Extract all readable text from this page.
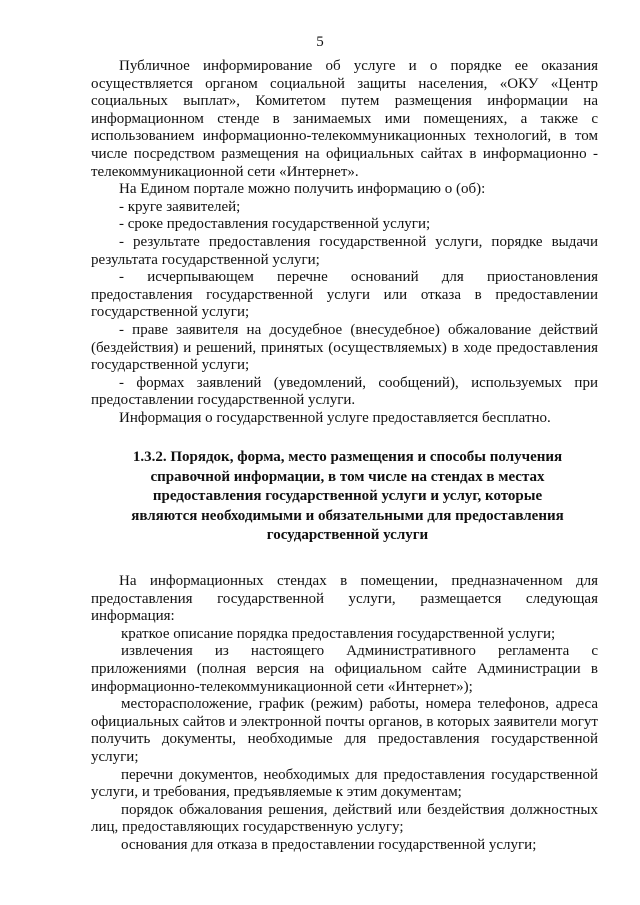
5

Публичное информирование об услуге и о порядке ее оказания осуществляется органом социальной защиты населения, «ОКУ «Центр социальных выплат», Комитетом путем размещения информации на информационном стенде в занимаемых ими помещениях, а также с использованием информационно-телекоммуникационных технологий, в том числе посредством размещения на официальных сайтах в информационно - телекоммуникационной сети «Интернет».

На Едином портале можно получить информацию о (об):

- круге заявителей;

- сроке предоставления государственной услуги;

- результате предоставления государственной услуги, порядке выдачи результата государственной услуги;

- исчерпывающем перечне оснований для приостановления предоставления государственной услуги или отказа в предоставлении государственной услуги;

- праве заявителя на досудебное (внесудебное) обжалование действий (бездействия) и решений, принятых (осуществляемых) в ходе предоставления государственной услуги;

- формах заявлений (уведомлений, сообщений), используемых при предоставлении государственной услуги.

Информация о государственной услуге предоставляется бесплатно.

1.3.2. Порядок, форма, место размещения и способы получения справочной информации, в том числе на стендах в местах предоставления государственной услуги и услуг, которые являются необходимыми и обязательными для предоставления государственной услуги

На информационных стендах в помещении, предназначенном для предоставления государственной услуги, размещается следующая информация:

краткое описание порядка предоставления государственной услуги;

извлечения из настоящего Административного регламента с приложениями (полная версия на официальном сайте Администрации в информационно-телекоммуникационной сети «Интернет»);

месторасположение, график (режим) работы, номера телефонов, адреса официальных сайтов и электронной почты органов, в которых заявители могут получить документы, необходимые для предоставления государственной услуги;

перечни документов, необходимых для предоставления государственной услуги, и требования, предъявляемые к этим документам;

порядок обжалования решения, действий или бездействия должностных лиц, предоставляющих государственную услугу;

основания для отказа в предоставлении государственной услуги;
